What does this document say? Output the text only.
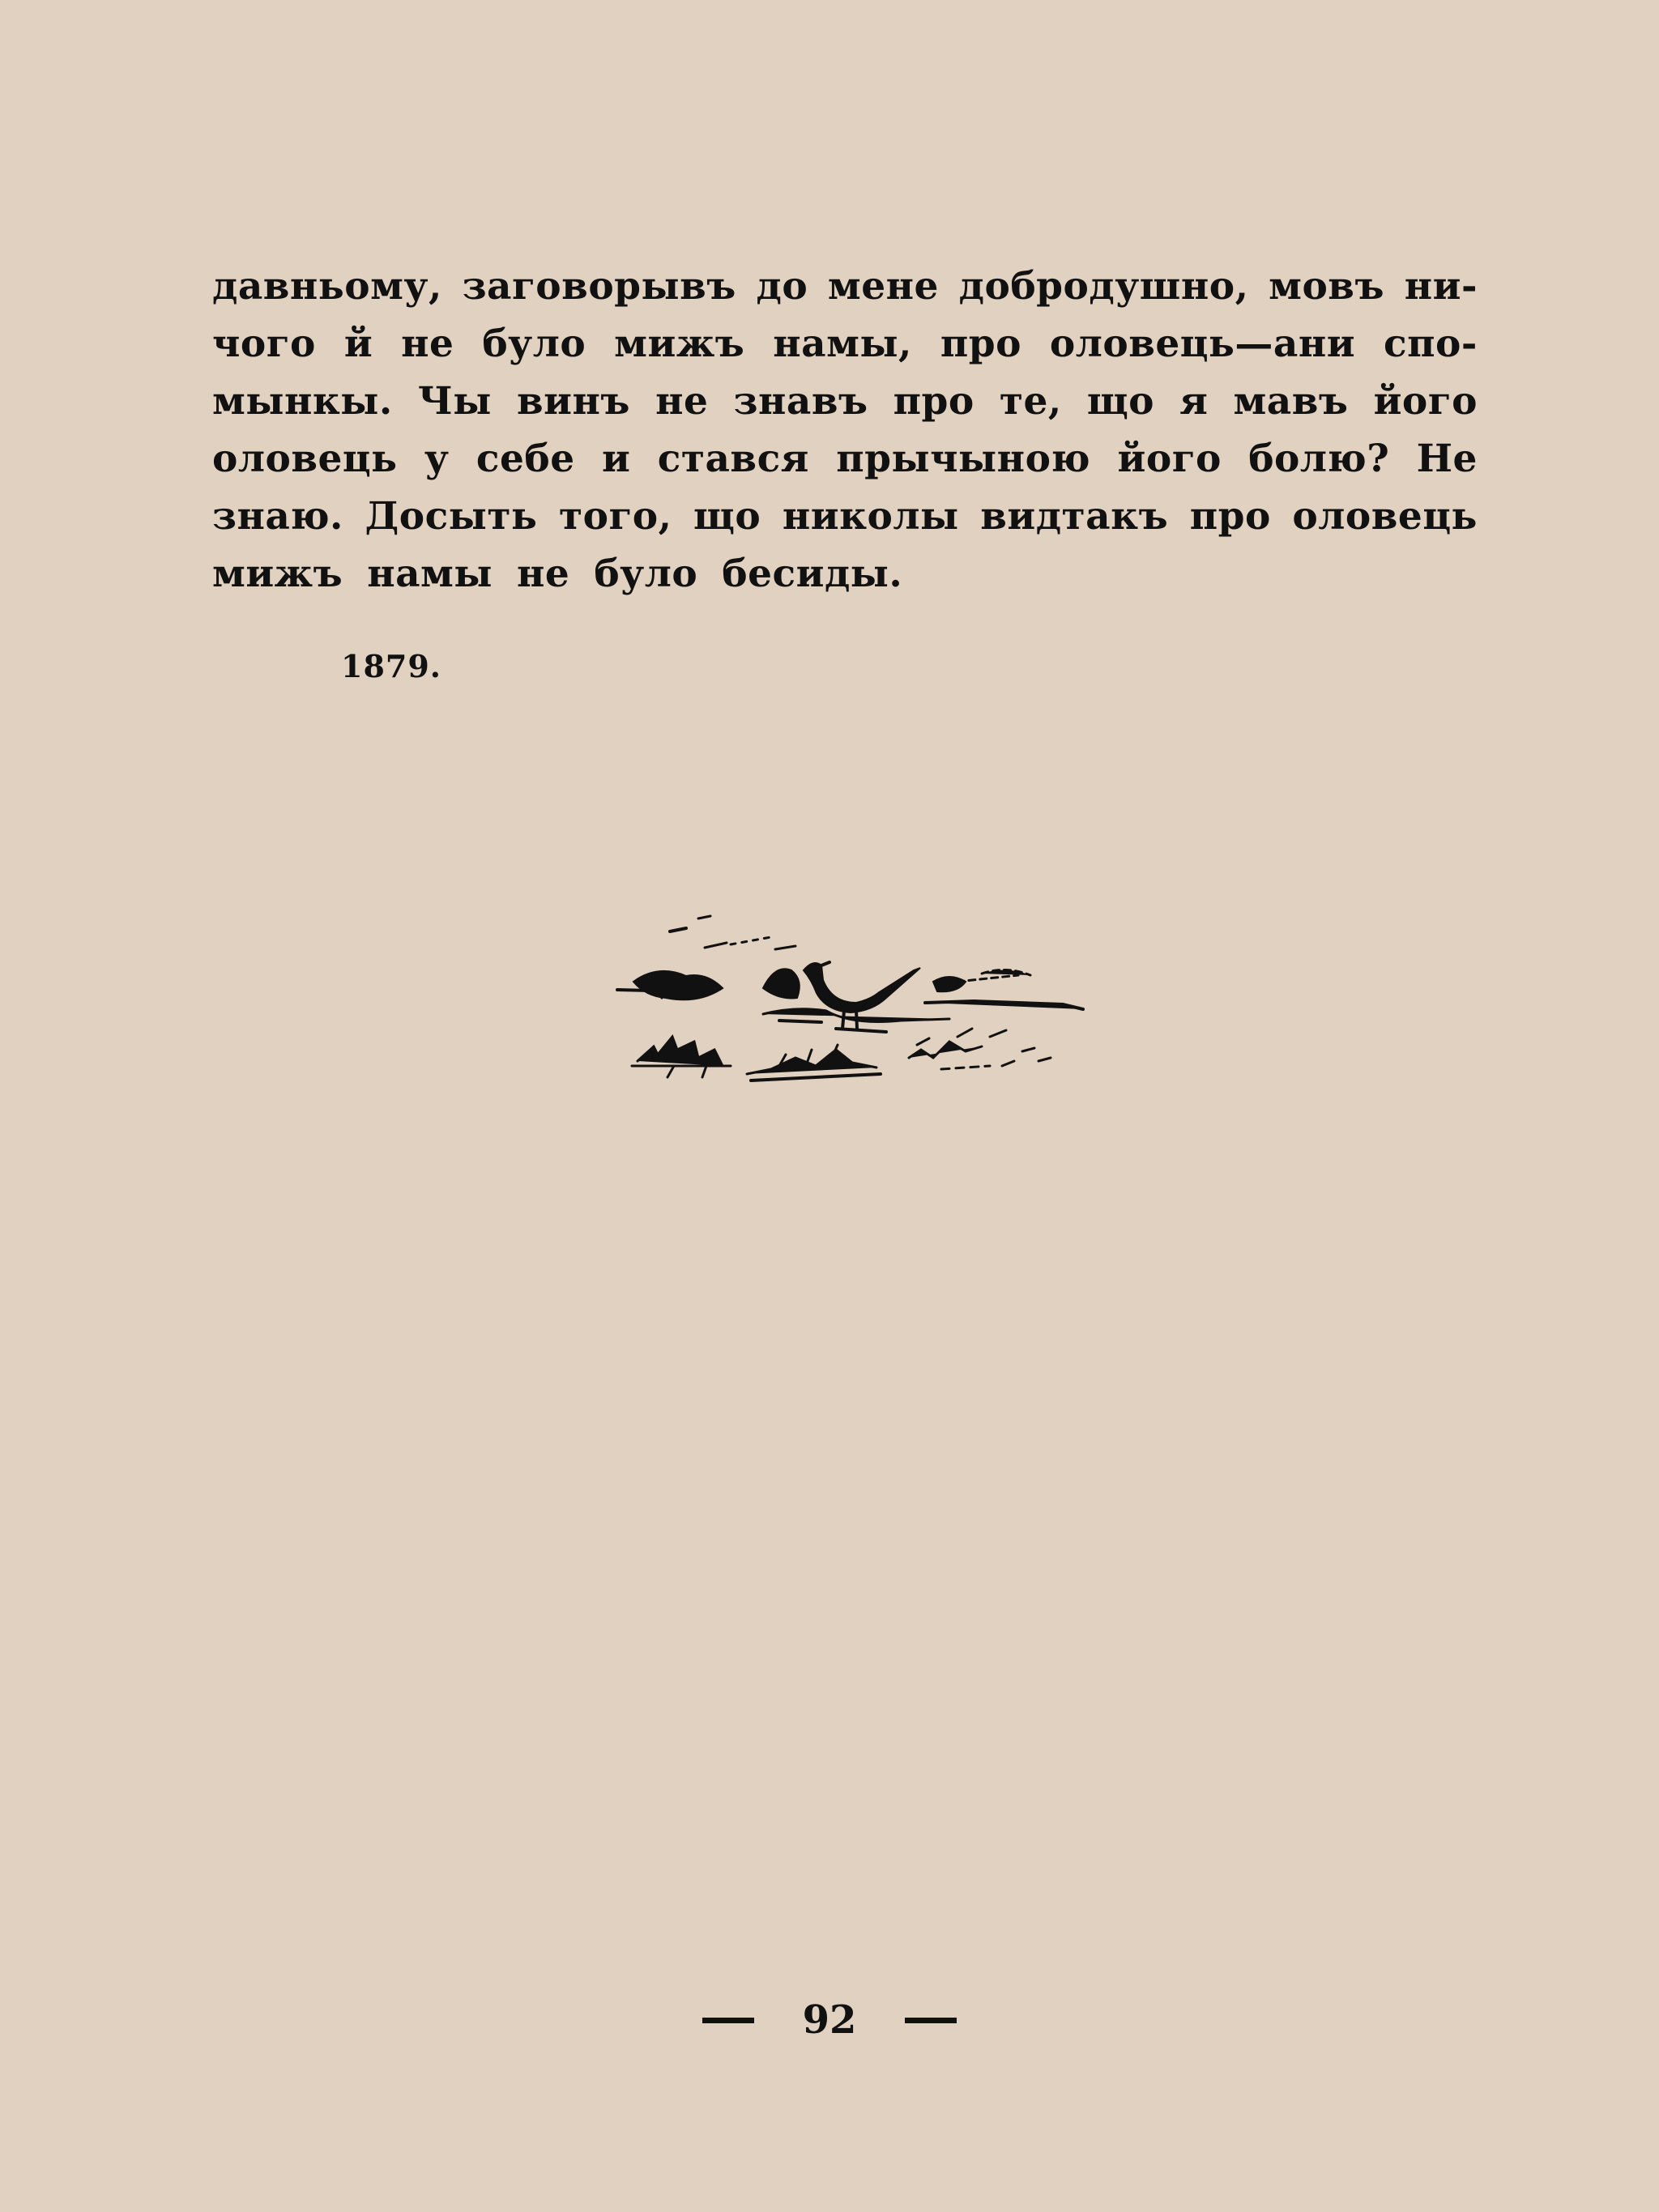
давньому, заговорывъ до мене добродушно, мовъ ни-
чого й не було мижъ намы, про оловець—ани спо-
мынкы. Чы винъ не знавъ про те, що я мавъ його
оловець у себе и стався прычыною його болю? Не
знаю. Досыть того, що николы видтакъ про оловець
мижъ намы не було бесиды.
1879.
92
